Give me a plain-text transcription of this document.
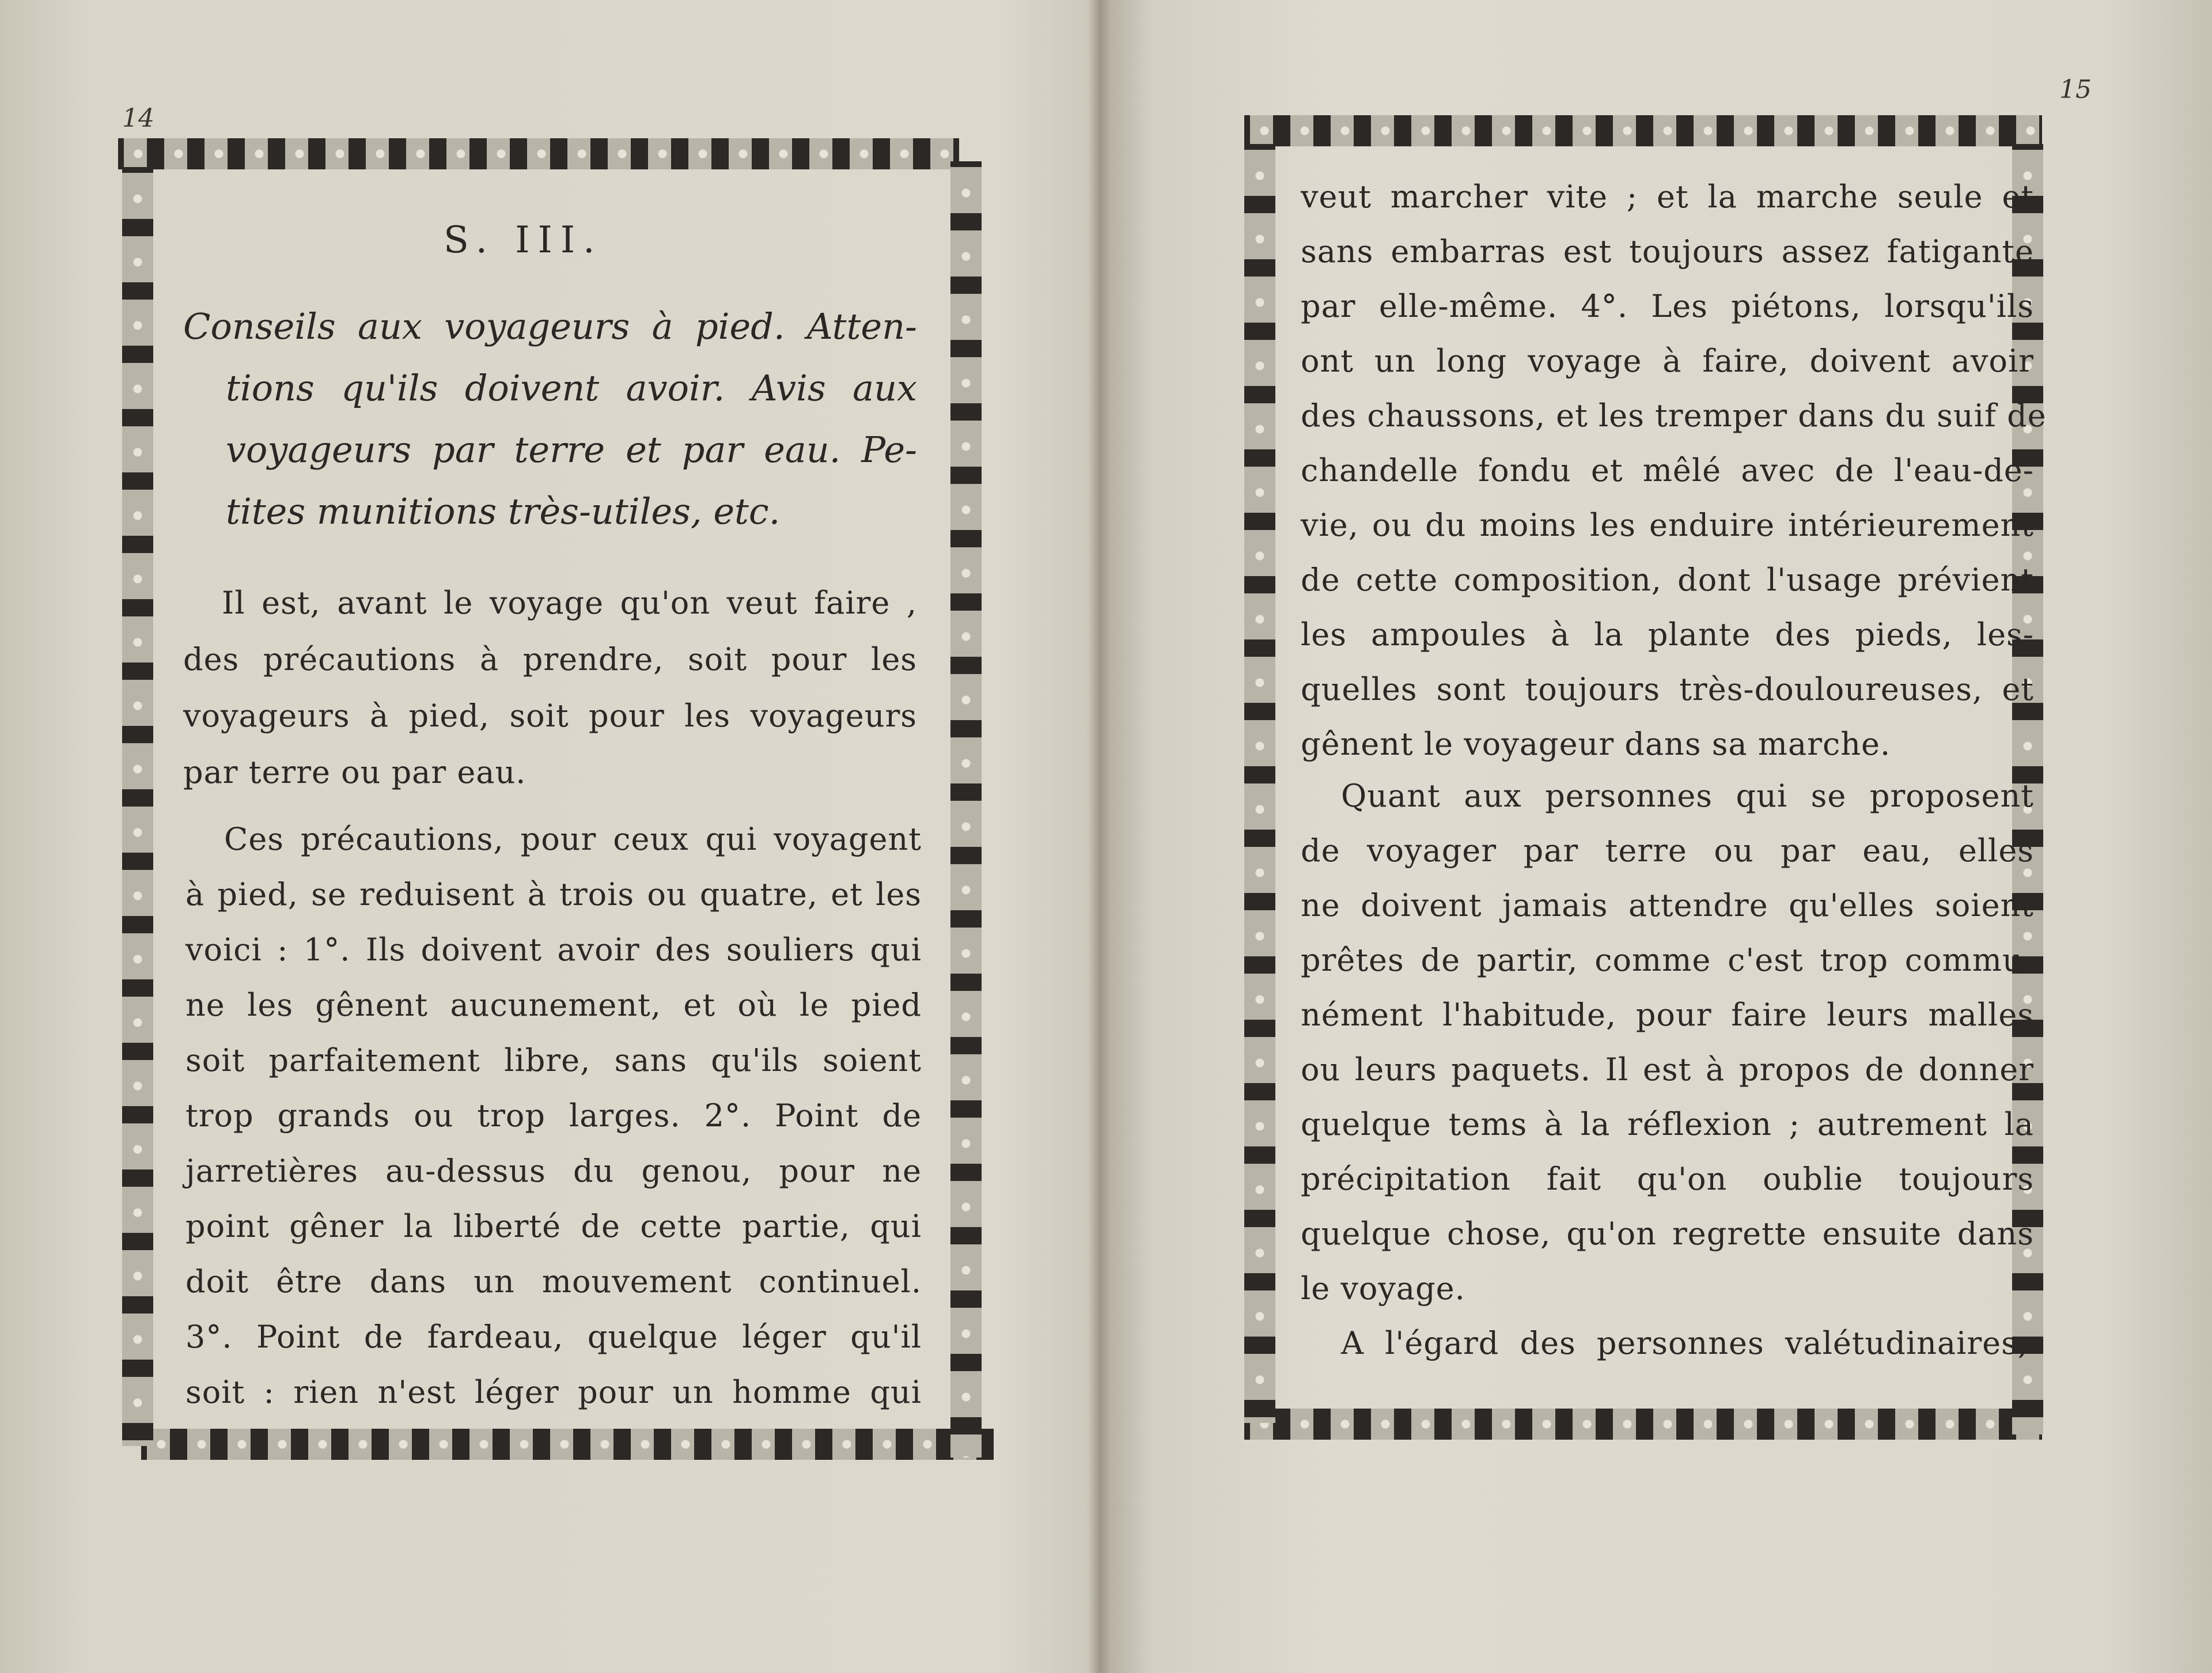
14
S. III.
Conseils aux voyageurs à pied. Atten-
tions qu'ils doivent avoir. Avis aux
voyageurs par terre et par eau. Pe-
tites munitions très-utiles, etc.
Il est, avant le voyage qu'on veut faire ,
des précautions à prendre, soit pour les
voyageurs à pied, soit pour les voyageurs
par terre ou par eau.
Ces précautions, pour ceux qui voyagent
à pied, se reduisent à trois ou quatre, et les
voici : 1°. Ils doivent avoir des souliers qui
ne les gênent aucunement, et où le pied
soit parfaitement libre, sans qu'ils soient
trop grands ou trop larges. 2°. Point de
jarretières au-dessus du genou, pour ne
point gêner la liberté de cette partie, qui
doit être dans un mouvement continuel.
3°. Point de fardeau, quelque léger qu'il
soit : rien n'est léger pour un homme qui
15
veut marcher vite ; et la marche seule et
sans embarras est toujours assez fatigante
par elle-même. 4°. Les piétons, lorsqu'ils
ont un long voyage à faire, doivent avoir
des chaussons, et les tremper dans du suif de
chandelle fondu et mêlé avec de l'eau-de-
vie, ou du moins les enduire intérieurement
de cette composition, dont l'usage prévient
les ampoules à la plante des pieds, les-
quelles sont toujours très-douloureuses, et
gênent le voyageur dans sa marche.
Quant aux personnes qui se proposent
de voyager par terre ou par eau, elles
ne doivent jamais attendre qu'elles soient
prêtes de partir, comme c'est trop commu-
nément l'habitude, pour faire leurs malles
ou leurs paquets. Il est à propos de donner
quelque tems à la réflexion ; autrement la
précipitation fait qu'on oublie toujours
quelque chose, qu'on regrette ensuite dans
le voyage.
A l'égard des personnes valétudinaires,
